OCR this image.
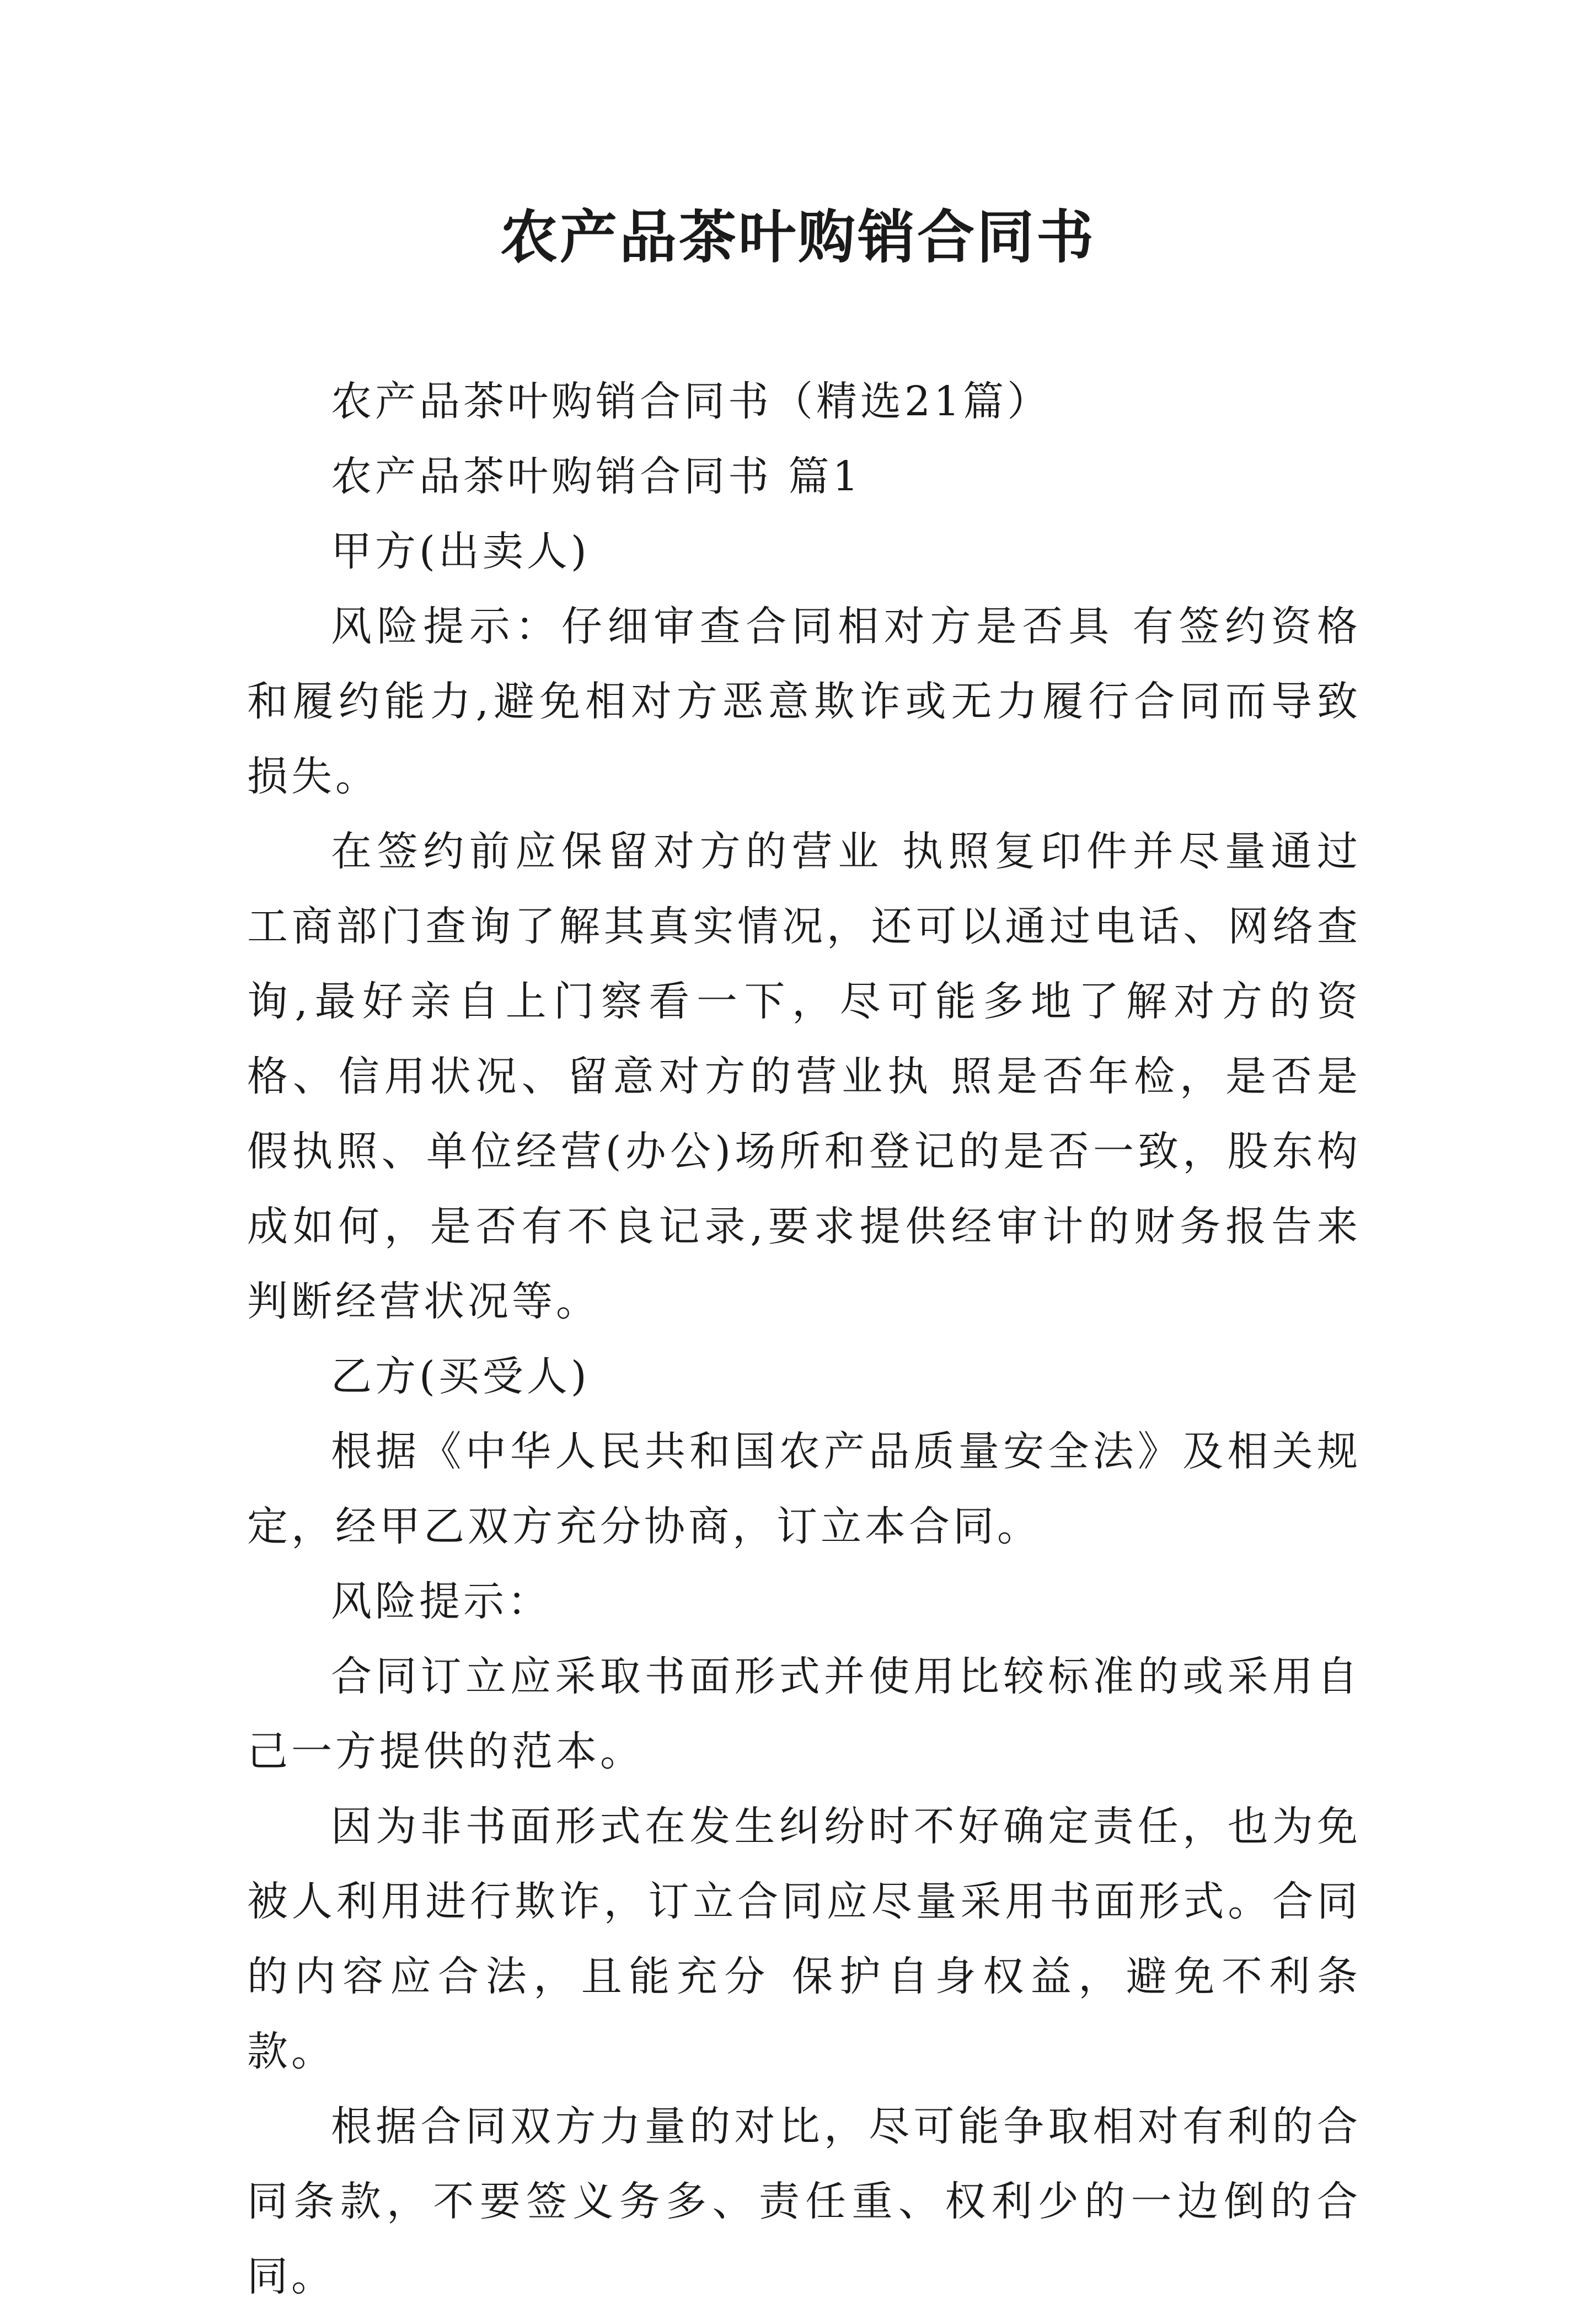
农产品茶叶购销合同书

农产品茶叶购销合同书（精选21篇）

农产品茶叶购销合同书 篇1

甲方(出卖人)

风险提示：仔细审查合同相对方是否具 有签约资格和履约能力,避免相对方恶意欺诈或无力履行合同而导致损失。

在签约前应保留对方的营业 执照复印件并尽量通过工商部门查询了解其真实情况，还可以通过电话、网络查询,最好亲自上门察看一下，尽可能多地了解对方的资格、信用状况、留意对方的营业执 照是否年检，是否是假执照、单位经营(办公)场所和登记的是否一致，股东构成如何，是否有不良记录,要求提供经审计的财务报告来判断经营状况等。

乙方(买受人)

根据《中华人民共和国农产品质量安全法》及相关规定，经甲乙双方充分协商，订立本合同。

风险提示：

合同订立应采取书面形式并使用比较标准的或采用自己一方提供的范本。

因为非书面形式在发生纠纷时不好确定责任，也为免被人利用进行欺诈，订立合同应尽量采用书面形式。合同的内容应合法，且能充分 保护自身权益，避免不利条款。

根据合同双方力量的对比，尽可能争取相对有利的合同条款，不要签义务多、责任重、权利少的一边倒的合同。
